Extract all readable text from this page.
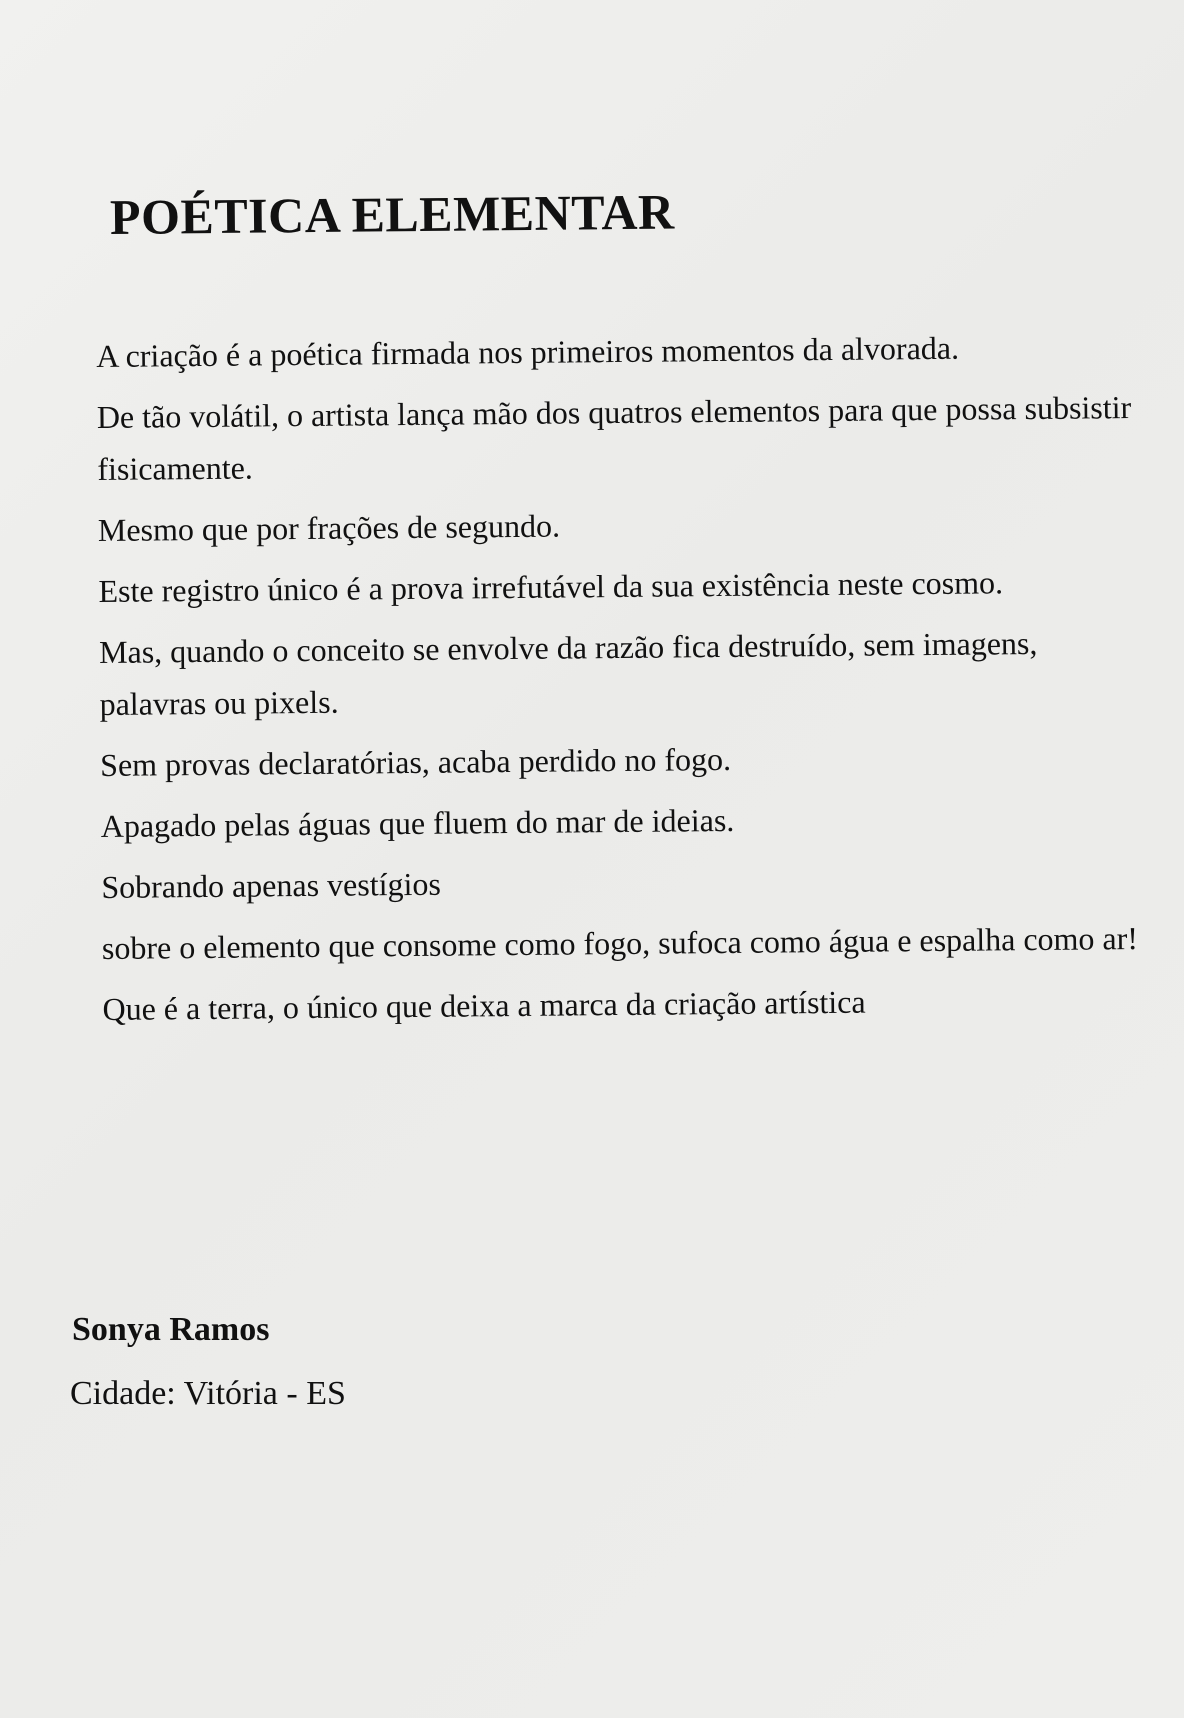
POÉTICA ELEMENTAR

A criação é a poética firmada nos primeiros momentos da alvorada.

De tão volátil, o artista lança mão dos quatros elementos para que possa subsistir fisicamente.

Mesmo que por frações de segundo.

Este registro único é a prova irrefutável da sua existência neste cosmo.

Mas, quando o conceito se envolve da razão fica destruído, sem imagens, palavras ou pixels.

Sem provas declaratórias, acaba perdido no fogo.

Apagado pelas águas que fluem do mar de ideias.

Sobrando apenas vestígios

sobre o elemento que consome como fogo, sufoca como água e espalha como ar!

Que é a terra, o único que deixa a marca da criação artística

Sonya Ramos

Cidade: Vitória - ES
